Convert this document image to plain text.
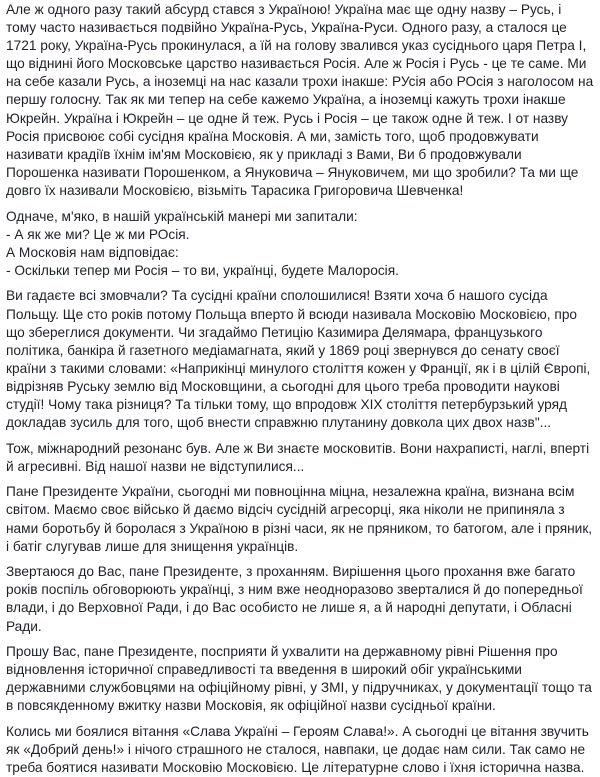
Але ж одного разу такий абсурд стався з Україною! Україна має ще одну назву – Русь, і тому часто називається подвійно Україна-Русь, Україна-Руси. Одного разу, а сталося це 1721 року, Україна-Русь прокинулася, а їй на голову звалився указ сусіднього царя Петра I, що віднині його Московське царство називається Росія. Але ж Росія і Русь - це те саме. Ми на себе казали Русь, а іноземці на нас казали трохи інакше: РУсія або РОсія з наголосом на першу голосну. Так як ми тепер на себе кажемо Україна, а іноземці кажуть трохи інакше Юкрейн. Україна і Юкрейн – це одне й теж. Русь і Росія – це також одне й теж. І от назву Росія присвоює собі сусідня країна Московія. А ми, замість того, щоб продовжувати називати крадіїв їхнім ім'ям Московією, як у прикладі з Вами, Ви б продовжували Порошенка називати Порошенком, а Януковича – Януковичем, ми що зробили? Та ми ще довго їх називали Московією, візьміть Тарасика Григоровича Шевченка!

Одначе, м'яко, в нашій українській манері ми запитали:
- А як же ми? Це ж ми РОсія.
А Московія нам відповідає:
- Оскільки тепер ми Росія – то ви, українці, будете Малоросія.

Ви гадаєте всі змовчали? Та сусідні країни сполошилися! Взяти хоча б нашого сусіда Польщу. Ще сто років потому Польща вперто й всюди називала Московію Московією, про що збереглися документи. Чи згадаймо Петицію Казимира Делямара, французького політика, банкіра й газетного медіамагната, який у 1869 році звернувся до сенату своєї країни з такими словами: «Наприкінці минулого століття кожен у Франції, як і в цілій Європі, відрізняв Руську землю від Московщини, а сьогодні для цього треба проводити наукові студії! Чому така різниця? Та тільки тому, що впродовж XIX століття петербурзький уряд докладав зусиль для того, щоб внести справжню плутанину довкола цих двох назв"...

Тож, міжнародний резонанс був. Але ж Ви знаєте московитів. Вони нахраписті, наглі, вперті й агресивні. Від нашої назви не відступилися...

Пане Президенте України, сьогодні ми повноцінна міцна, незалежна країна, визнана всім світом. Маємо своє військо й даємо відсіч сусідній агресорці, яка ніколи не припиняла з нами боротьбу й боролася з Україною в різні часи, як не пряником, то батогом, але і пряник, і батіг слугував лише для знищення українців.

Звертаюся до Вас, пане Президенте, з проханням. Вирішення цього прохання вже багато років поспіль обговорюють українці, з ним вже неодноразово зверталися й до попередньої влади, і до Верховної Ради, і до Вас особисто не лише я, а й народні депутати, і Обласні Ради.

Прошу Вас, пане Президенте, посприяти й ухвалити на державному рівні Рішення про відновлення історичної справедливості та введення в широкий обіг українськими державними службовцями на офіційному рівні, у ЗМІ, у підручниках, у документації тощо та в повсякденному вжитку назви Московія, як офіційної назви сусідньої країни.

Колись ми боялися вітання «Слава Україні – Героям Слава!». А сьогодні це вітання звучить як «Добрий день!» і нічого страшного не сталося, навпаки, це додає нам сили. Так само не треба боятися називати Московію Московією. Це літературне слово і їхня історична назва.
